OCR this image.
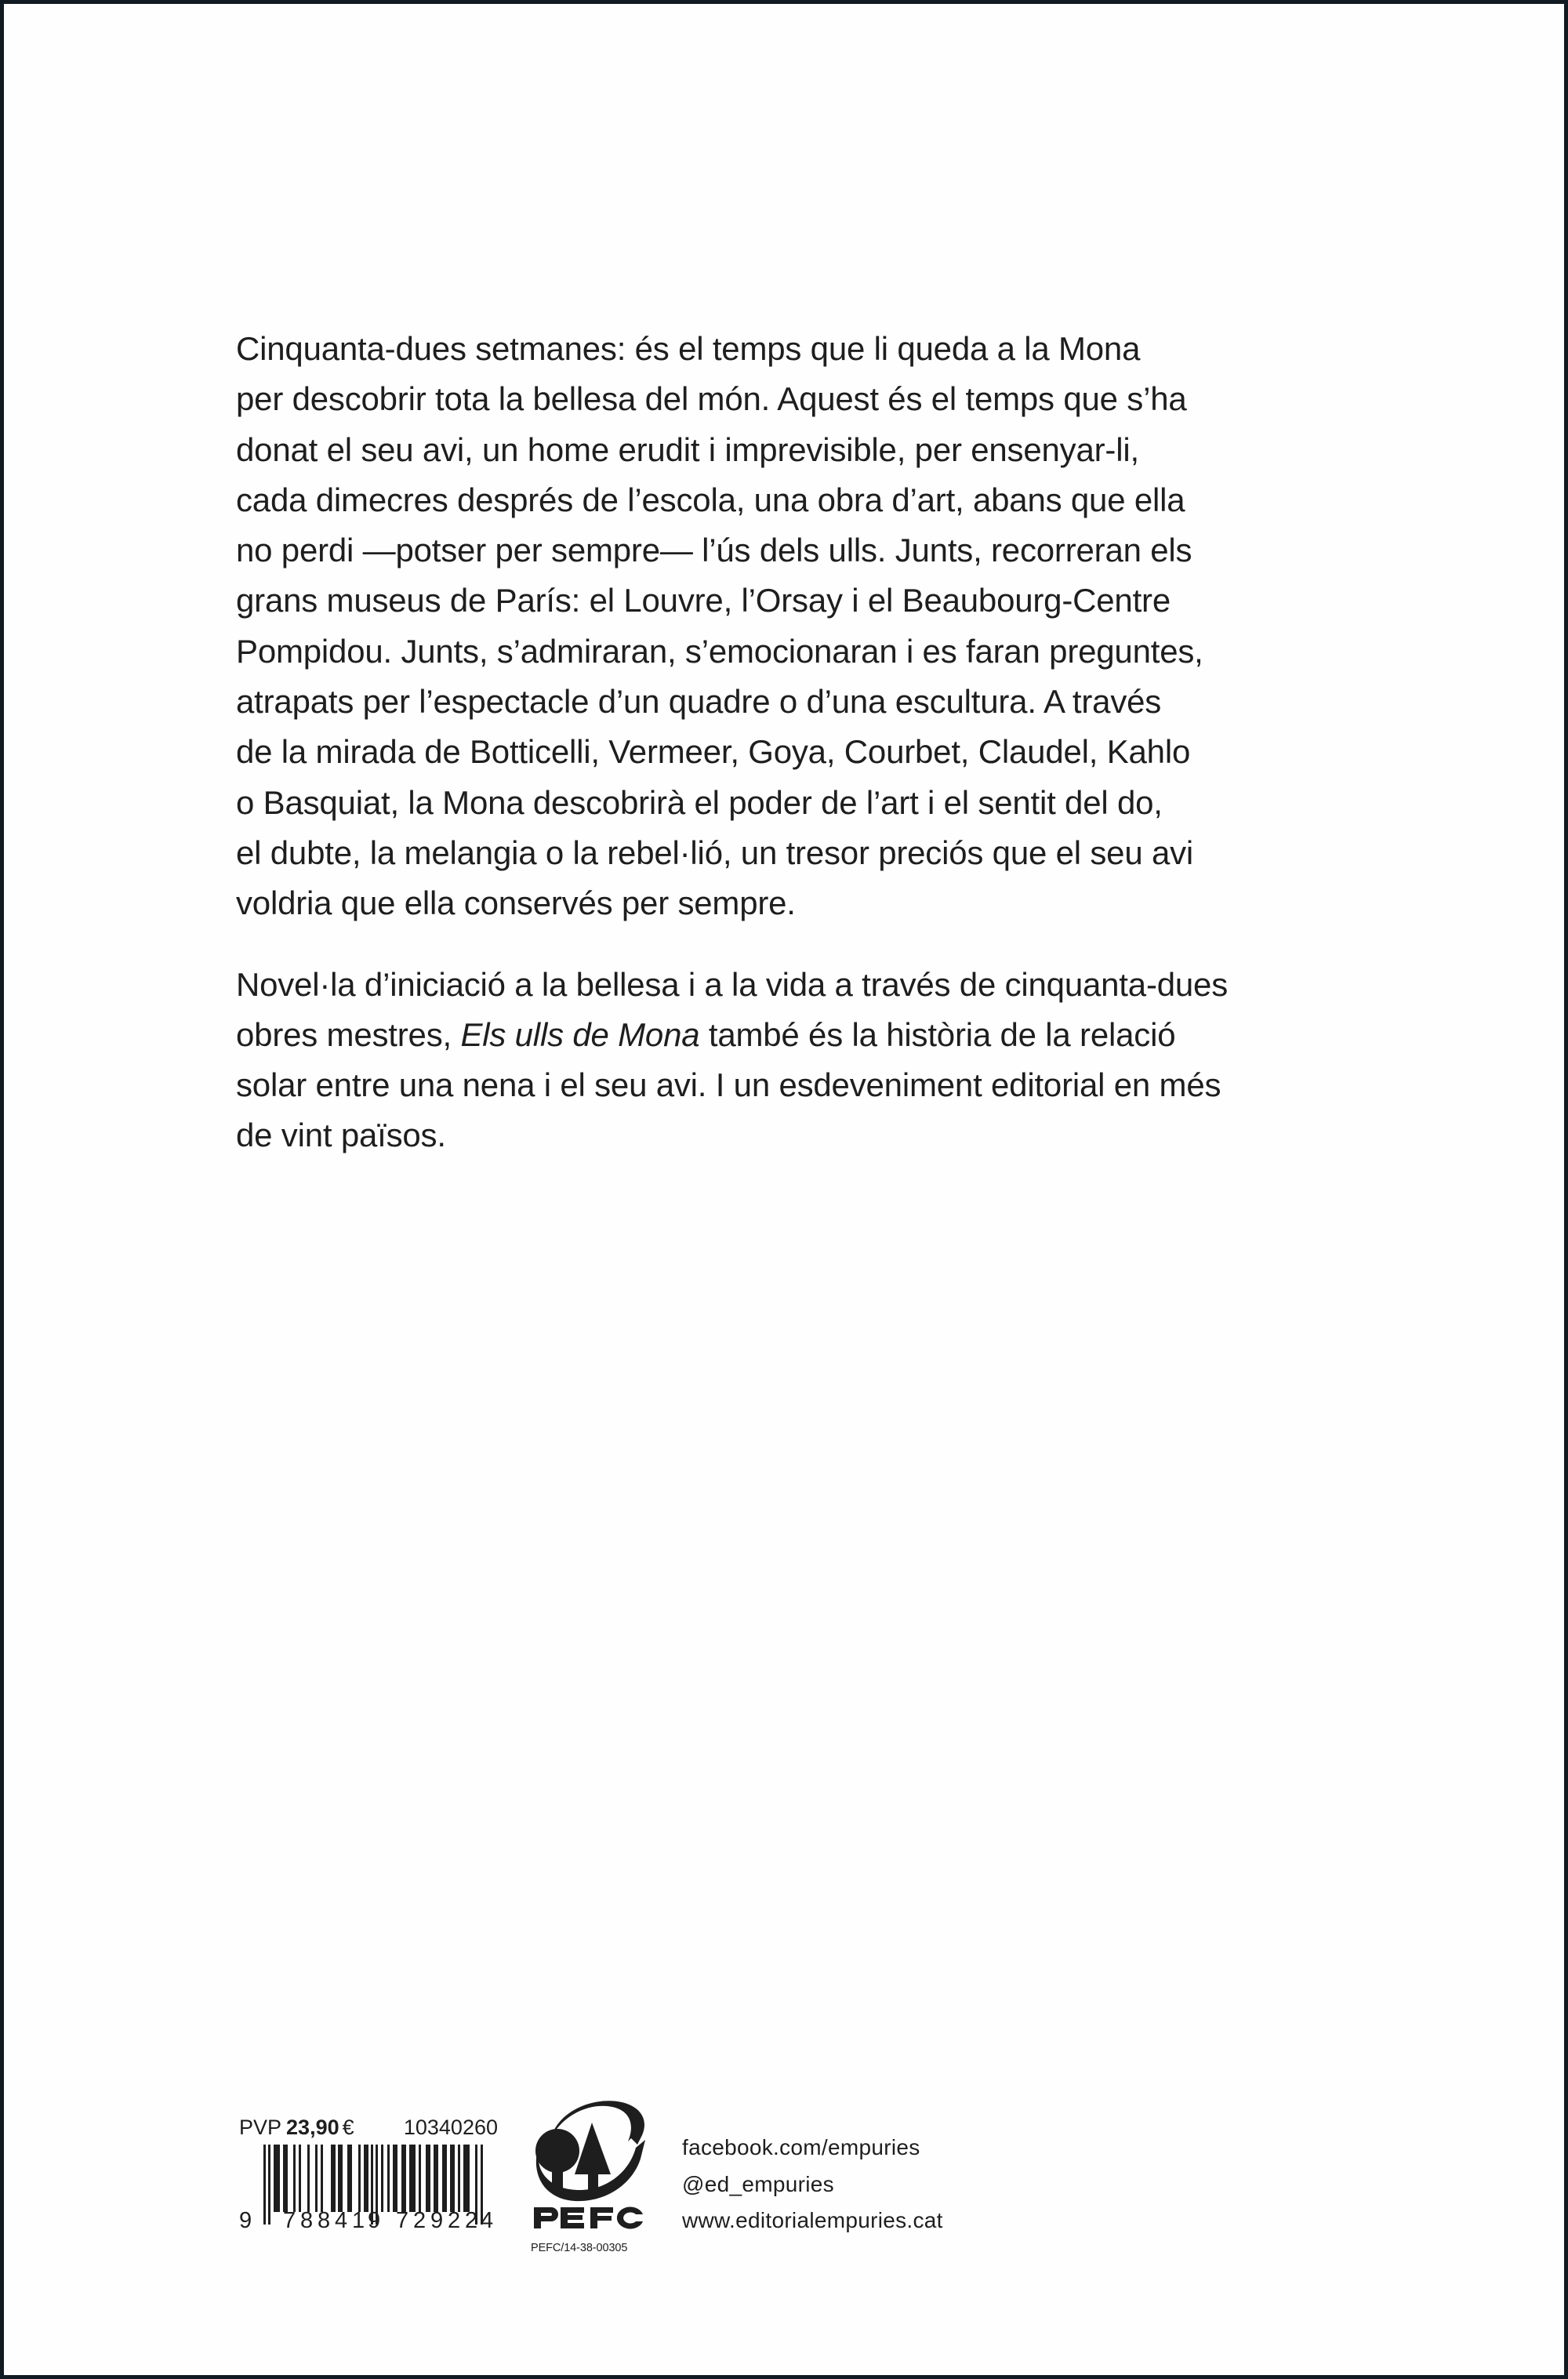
Cinquanta-dues setmanes: és el temps que li queda a la Mona
per descobrir tota la bellesa del món. Aquest és el temps que s’ha
donat el seu avi, un home erudit i imprevisible, per ensenyar-li,
cada dimecres després de l’escola, una obra d’art, abans que ella
no perdi —potser per sempre— l’ús dels ulls. Junts, recorreran els
grans museus de París: el Louvre, l’Orsay i el Beaubourg-Centre
Pompidou. Junts, s’admiraran, s’emocionaran i es faran preguntes,
atrapats per l’espectacle d’un quadre o d’una escultura. A través
de la mirada de Botticelli, Vermeer, Goya, Courbet, Claudel, Kahlo
o Basquiat, la Mona descobrirà el poder de l’art i el sentit del do,
el dubte, la melangia o la rebel·lió, un tresor preciós que el seu avi
voldria que ella conservés per sempre.
Novel·la d’iniciació a la bellesa i a la vida a través de cinquanta-dues
obres mestres, Els ulls de Mona també és la història de la relació
solar entre una nena i el seu avi. I un esdeveniment editorial en més
de vint països.
PVP 23,90 € 10340260
9 7 8 8 4 1 9 7 2 9 2 2 4
PEFC/14-38-00305
facebook.com/empuries
@ed_empuries
www.editorialempuries.cat
